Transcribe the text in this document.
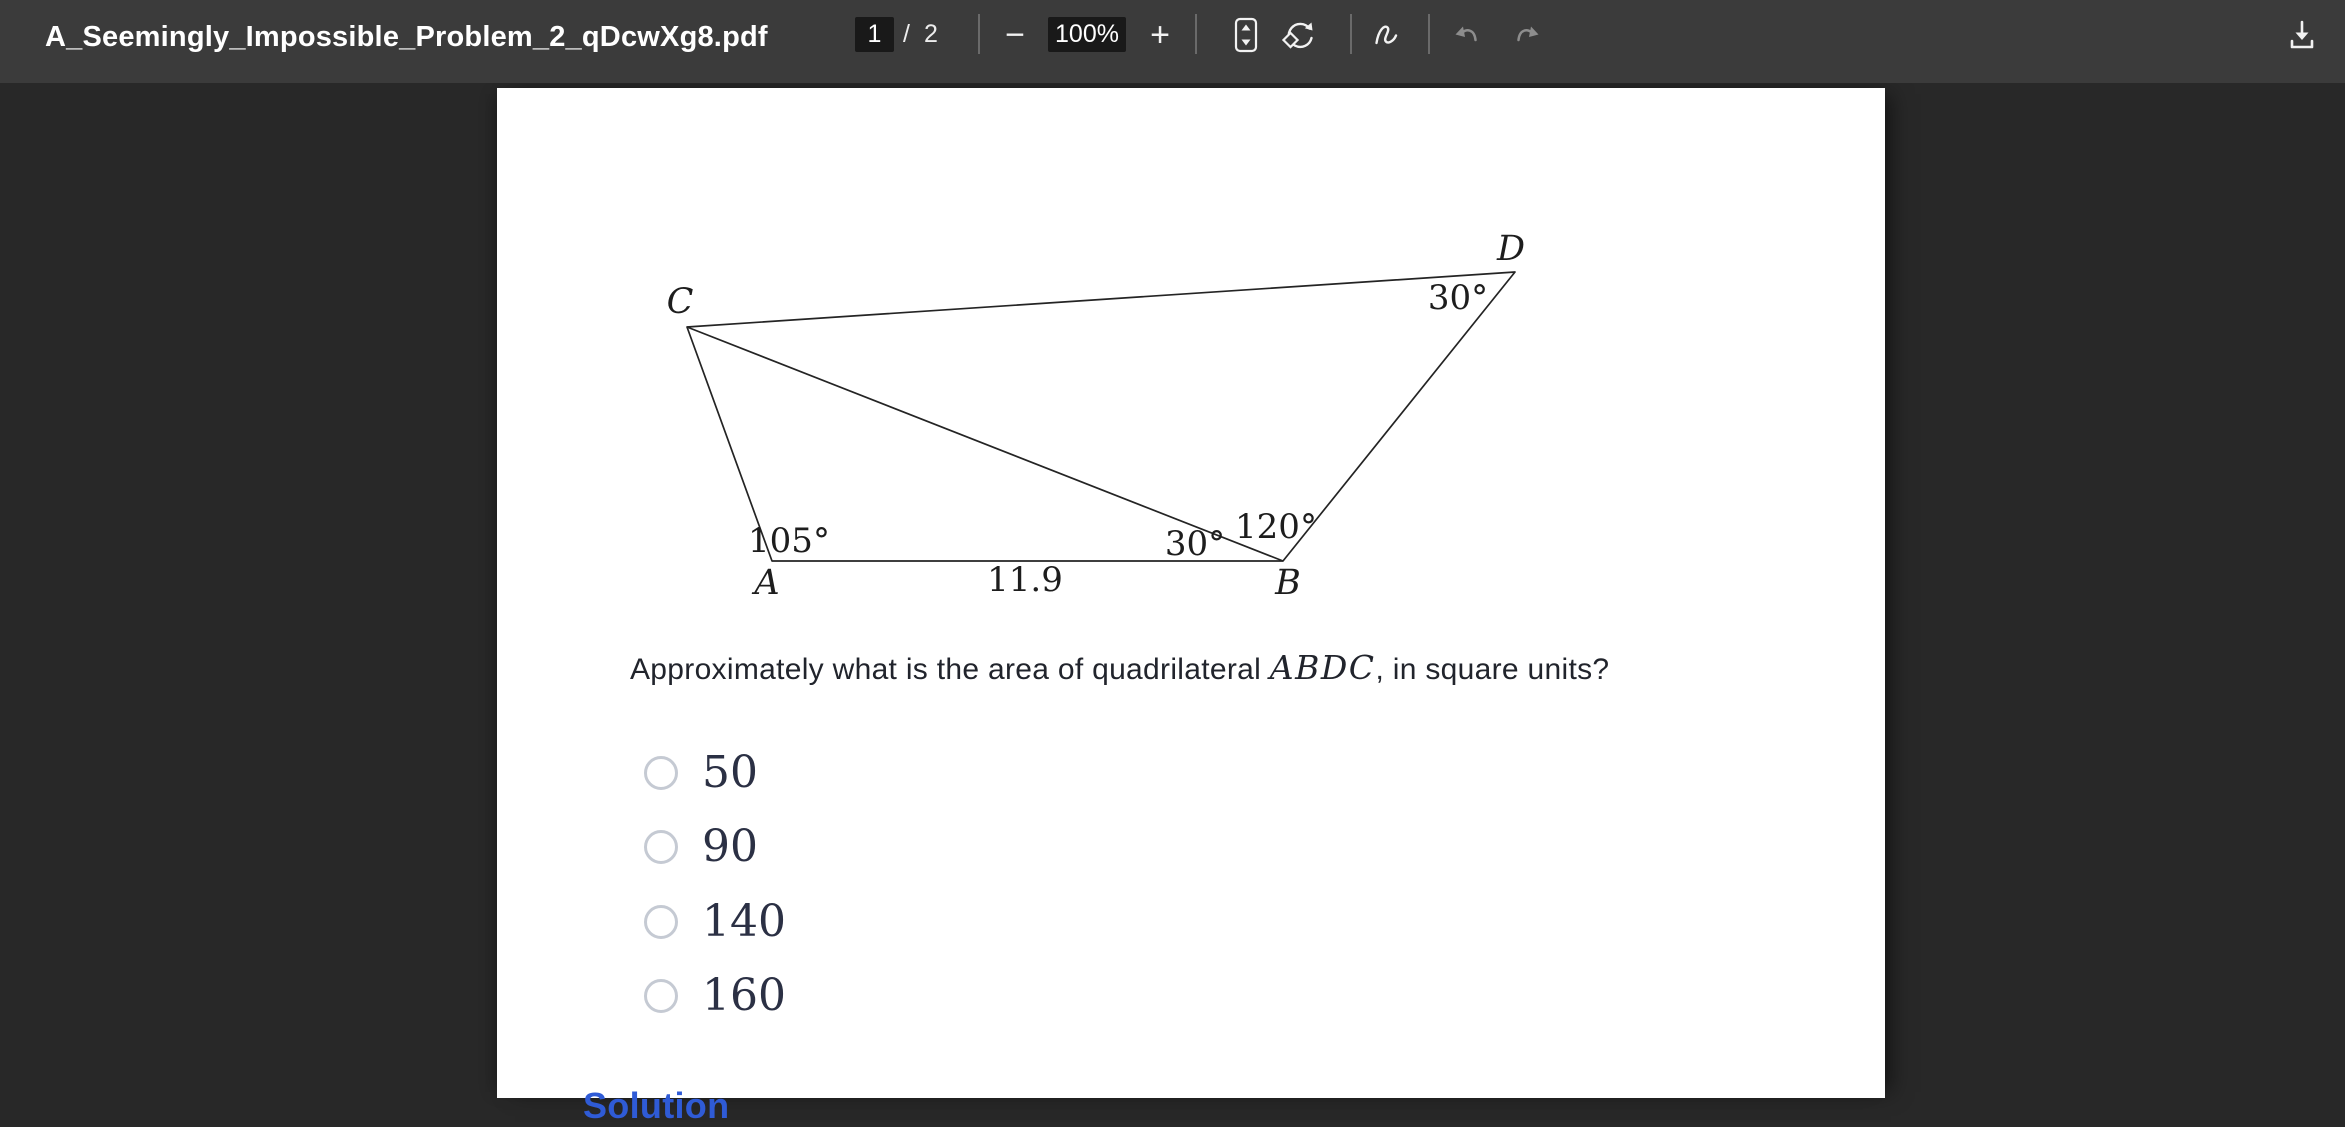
A_Seemingly_Impossible_Problem_2_qDcwXg8.pdf	1 / 2 − 100% +
C
D
A	B
105°	30° 120°
30°
11.9
Approximately what is the area of quadrilateral ABDC, in square units?
50
90
140
160
Solution
